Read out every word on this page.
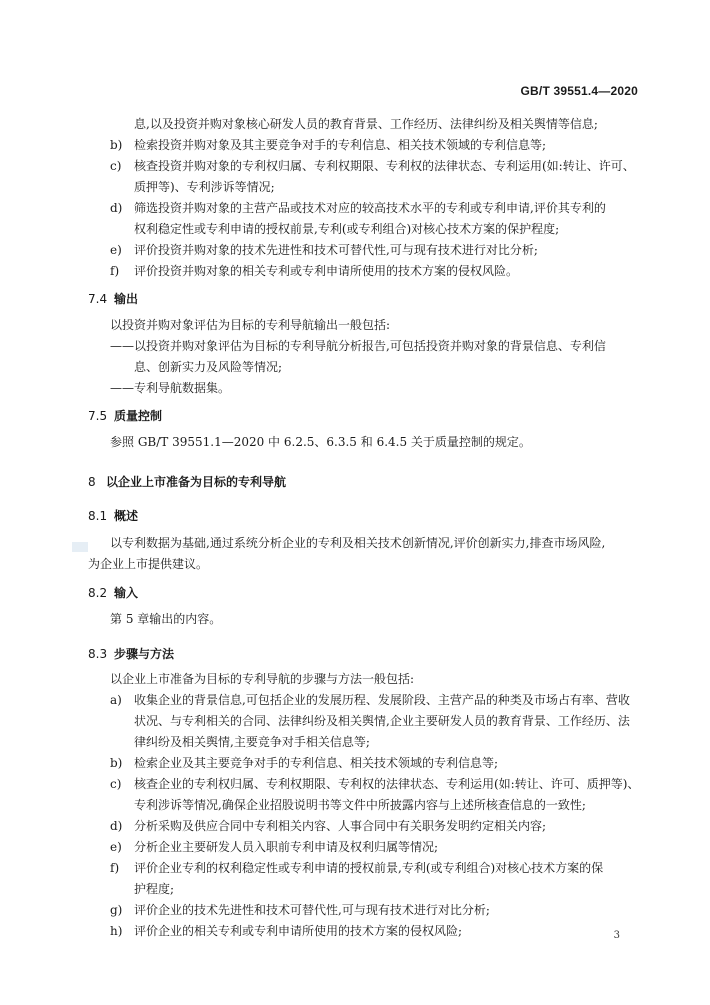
GB/T 39551.4—2020
息,以及投资并购对象核心研发人员的教育背景、工作经历、法律纠纷及相关舆情等信息;
b) 检索投资并购对象及其主要竞争对手的专利信息、相关技术领域的专利信息等;
c) 核查投资并购对象的专利权归属、专利权期限、专利权的法律状态、专利运用(如:转让、许可、
质押等)、专利涉诉等情况;
d) 筛选投资并购对象的主营产品或技术对应的较高技术水平的专利或专利申请,评价其专利的
权利稳定性或专利申请的授权前景,专利(或专利组合)对核心技术方案的保护程度;
e) 评价投资并购对象的技术先进性和技术可替代性,可与现有技术进行对比分析;
f) 评价投资并购对象的相关专利或专利申请所使用的技术方案的侵权风险。
7.4 输出
以投资并购对象评估为目标的专利导航输出一般包括:
——以投资并购对象评估为目标的专利导航分析报告,可包括投资并购对象的背景信息、专利信
息、创新实力及风险等情况;
——专利导航数据集。
7.5 质量控制
参照 GB/T 39551.1—2020 中 6.2.5、6.3.5 和 6.4.5 关于质量控制的规定。
8 以企业上市准备为目标的专利导航
8.1 概述
以专利数据为基础,通过系统分析企业的专利及相关技术创新情况,评价创新实力,排查市场风险,
为企业上市提供建议。
8.2 输入
第 5 章输出的内容。
8.3 步骤与方法
以企业上市准备为目标的专利导航的步骤与方法一般包括:
a) 收集企业的背景信息,可包括企业的发展历程、发展阶段、主营产品的种类及市场占有率、营收
状况、与专利相关的合同、法律纠纷及相关舆情,企业主要研发人员的教育背景、工作经历、法
律纠纷及相关舆情,主要竞争对手相关信息等;
b) 检索企业及其主要竞争对手的专利信息、相关技术领域的专利信息等;
c) 核查企业的专利权归属、专利权期限、专利权的法律状态、专利运用(如:转让、许可、质押等)、
专利涉诉等情况,确保企业招股说明书等文件中所披露内容与上述所核查信息的一致性;
d) 分析采购及供应合同中专利相关内容、人事合同中有关职务发明约定相关内容;
e) 分析企业主要研发人员入职前专利申请及权利归属等情况;
f) 评价企业专利的权利稳定性或专利申请的授权前景,专利(或专利组合)对核心技术方案的保
护程度;
g) 评价企业的技术先进性和技术可替代性,可与现有技术进行对比分析;
h) 评价企业的相关专利或专利申请所使用的技术方案的侵权风险;	3
